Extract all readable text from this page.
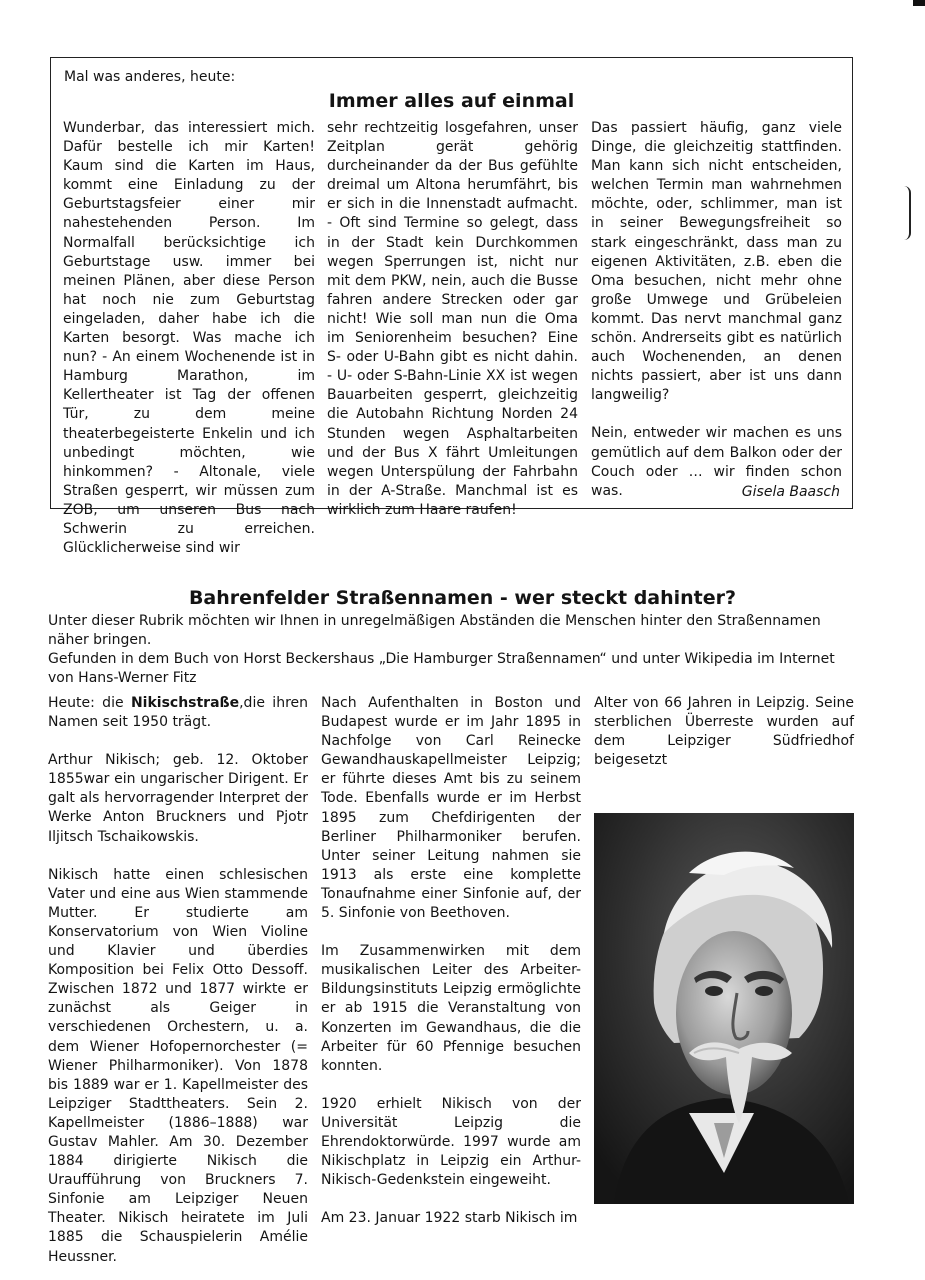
Mal was anderes, heute:
Immer alles auf einmal

Wunderbar, das interessiert mich. Dafür bestelle ich mir Karten! Kaum sind die Karten im Haus, kommt eine Einladung zu der Geburtstagsfeier einer mir nahestehenden Person. Im Normalfall berücksichtige ich Geburtstage usw. immer bei meinen Plänen, aber diese Person hat noch nie zum Geburtstag eingeladen, daher habe ich die Karten besorgt. Was mache ich nun? - An einem Wochenende ist in Hamburg Marathon, im Kellertheater ist Tag der offenen Tür, zu dem meine theaterbegeisterte Enkelin und ich unbedingt möchten, wie hinkommen? - Altonale, viele Straßen gesperrt, wir müssen zum ZOB, um unseren Bus nach Schwerin zu erreichen. Glücklicherweise sind wir

sehr rechtzeitig losgefahren, unser Zeitplan gerät gehörig durcheinander da der Bus gefühlte dreimal um Altona herumfährt, bis er sich in die Innenstadt aufmacht. - Oft sind Termine so gelegt, dass in der Stadt kein Durchkommen wegen Sperrungen ist, nicht nur mit dem PKW, nein, auch die Busse fahren andere Strecken oder gar nicht! Wie soll man nun die Oma im Seniorenheim besuchen? Eine S- oder U-Bahn gibt es nicht dahin. - U- oder S-Bahn-Linie XX ist wegen Bauarbeiten gesperrt, gleichzeitig die Autobahn Richtung Norden 24 Stunden wegen Asphaltarbeiten und der Bus X fährt Umleitungen wegen Unterspülung der Fahrbahn in der A-Straße. Manchmal ist es wirklich zum Haare raufen!

Das passiert häufig, ganz viele Dinge, die gleichzeitig stattfinden. Man kann sich nicht entscheiden, welchen Termin man wahrnehmen möchte, oder, schlimmer, man ist in seiner Bewegungsfreiheit so stark eingeschränkt, dass man zu eigenen Aktivitäten, z.B. eben die Oma besuchen, nicht mehr ohne große Umwege und Grübeleien kommt. Das nervt manchmal ganz schön. Andrerseits gibt es natürlich auch Wochenenden, an denen nichts passiert, aber ist uns dann langweilig?

Nein, entweder wir machen es uns gemütlich auf dem Balkon oder der Couch oder … wir finden schon was.	Gisela Baasch
Bahrenfelder Straßennamen - wer steckt dahinter?

Unter dieser Rubrik möchten wir Ihnen in unregelmäßigen Abständen die Menschen hinter den Straßennamen näher bringen.

Gefunden in dem Buch von Horst Beckershaus „Die Hamburger Straßennamen“ und unter Wikipedia im Internet von Hans-Werner Fitz

Heute: die Nikischstraße,die ihren Namen seit 1950 trägt.

Arthur Nikisch; geb. 12. Oktober 1855war ein ungarischer Dirigent. Er galt als hervorragender Interpret der Werke Anton Bruckners und Pjotr Iljitsch Tschaikowskis.

Nikisch hatte einen schlesischen Vater und eine aus Wien stammende Mutter. Er studierte am Konservatorium von Wien Violine und Klavier und überdies Komposition bei Felix Otto Dessoff. Zwischen 1872 und 1877 wirkte er zunächst als Geiger in verschiedenen Orchestern, u. a. dem Wiener Hofopernorchester (= Wiener Philharmoniker). Von 1878 bis 1889 war er 1. Kapellmeister des Leipziger Stadttheaters. Sein 2. Kapellmeister (1886–1888) war Gustav Mahler. Am 30. Dezember 1884 dirigierte Nikisch die Uraufführung von Bruckners 7. Sinfonie am Leipziger Neuen Theater. Nikisch heiratete im Juli 1885 die Schauspielerin Amélie Heussner.

Nach Aufenthalten in Boston und Budapest wurde er im Jahr 1895 in Nachfolge von Carl Reinecke Gewandhauskapellmeister Leipzig; er führte dieses Amt bis zu seinem Tode. Ebenfalls wurde er im Herbst 1895 zum Chefdirigenten der Berliner Philharmoniker berufen. Unter seiner Leitung nahmen sie 1913 als erste eine komplette Tonaufnahme einer Sinfonie auf, der 5. Sinfonie von Beethoven.

Im Zusammenwirken mit dem musikalischen Leiter des Arbeiter-Bildungsinstituts Leipzig ermöglichte er ab 1915 die Veranstaltung von Konzerten im Gewandhaus, die die Arbeiter für 60 Pfennige besuchen konnten.

1920 erhielt Nikisch von der Universität Leipzig die Ehrendoktorwürde. 1997 wurde am Nikischplatz in Leipzig ein Arthur-Nikisch-Gedenkstein eingeweiht.

Am 23. Januar 1922 starb Nikisch im

Alter von 66 Jahren in Leipzig. Seine sterblichen Überreste wurden auf dem Leipziger Südfriedhof beigesetzt
